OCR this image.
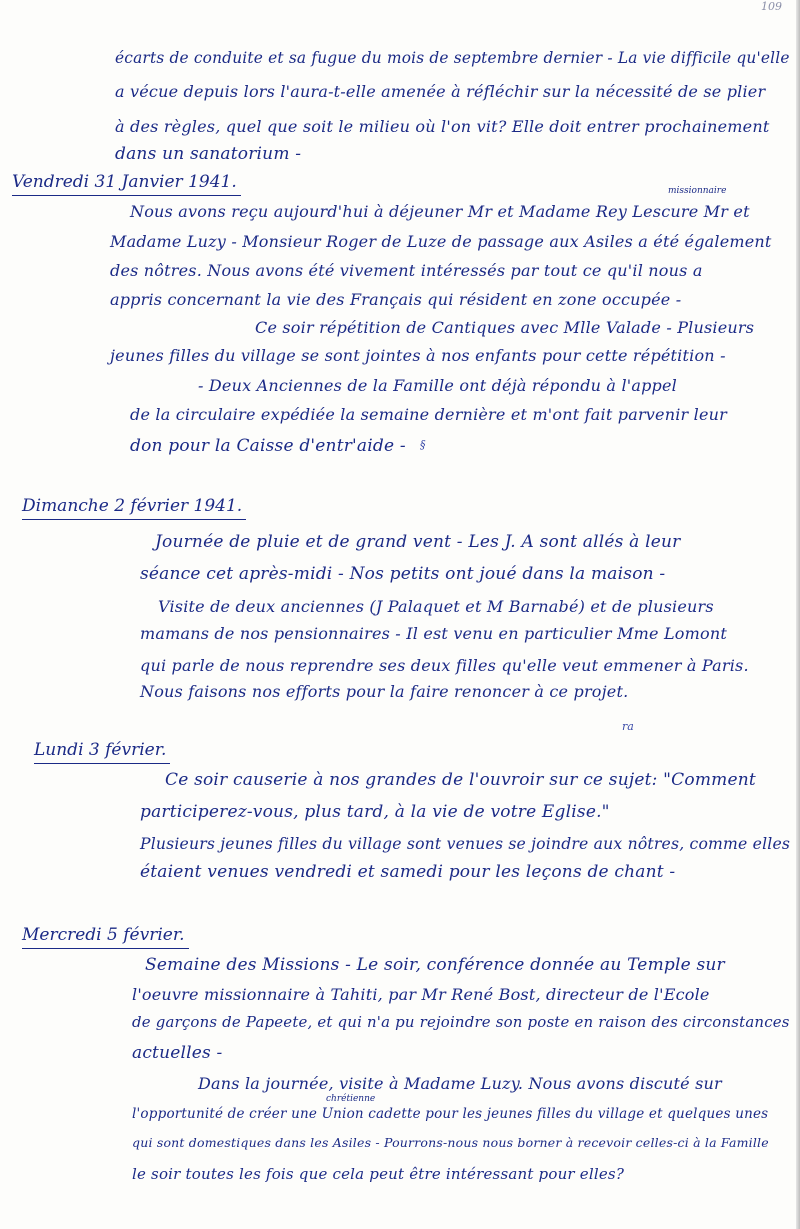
109
écarts de conduite et sa fugue du mois de septembre dernier - La vie difficile qu'elle
a vécue depuis lors l'aura-t-elle amenée à réfléchir sur la nécessité de se plier
à des règles, quel que soit le milieu où l'on vit? Elle doit entrer prochainement
dans un sanatorium -
Vendredi 31 Janvier 1941.	missionnaire
Nous avons reçu aujourd'hui à déjeuner Mr et Madame Rey Lescure Mr et
Madame Luzy - Monsieur Roger de Luze de passage aux Asiles a été également
des nôtres. Nous avons été vivement intéressés par tout ce qu'il nous a
appris concernant la vie des Français qui résident en zone occupée -
Ce soir répétition de Cantiques avec Mlle Valade - Plusieurs
jeunes filles du village se sont jointes à nos enfants pour cette répétition -
- Deux Anciennes de la Famille ont déjà répondu à l'appel
de la circulaire expédiée la semaine dernière et m'ont fait parvenir leur
don pour la Caisse d'entr'aide - §
Dimanche 2 février 1941.
Journée de pluie et de grand vent - Les J. A sont allés à leur
séance cet après-midi - Nos petits ont joué dans la maison -
Visite de deux anciennes (J Palaquet et M Barnabé) et de plusieurs
mamans de nos pensionnaires - Il est venu en particulier Mme Lomont
qui parle de nous reprendre ses deux filles qu'elle veut emmener à Paris.
Nous faisons nos efforts pour la faire renoncer à ce projet.
ra
Lundi 3 février.
Ce soir causerie à nos grandes de l'ouvroir sur ce sujet: "Comment
participerez-vous, plus tard, à la vie de votre Eglise."
Plusieurs jeunes filles du village sont venues se joindre aux nôtres, comme elles
étaient venues vendredi et samedi pour les leçons de chant -
Mercredi 5 février.
Semaine des Missions - Le soir, conférence donnée au Temple sur
l'oeuvre missionnaire à Tahiti, par Mr René Bost, directeur de l'Ecole
de garçons de Papeete, et qui n'a pu rejoindre son poste en raison des circonstances
actuelles -
Dans la journée, visite à Madame Luzy. Nous avons discuté sur
chrétienne
l'opportunité de créer une Union cadette pour les jeunes filles du village et quelques unes
qui sont domestiques dans les Asiles - Pourrons-nous nous borner à recevoir celles-ci à la Famille
le soir toutes les fois que cela peut être intéressant pour elles?
